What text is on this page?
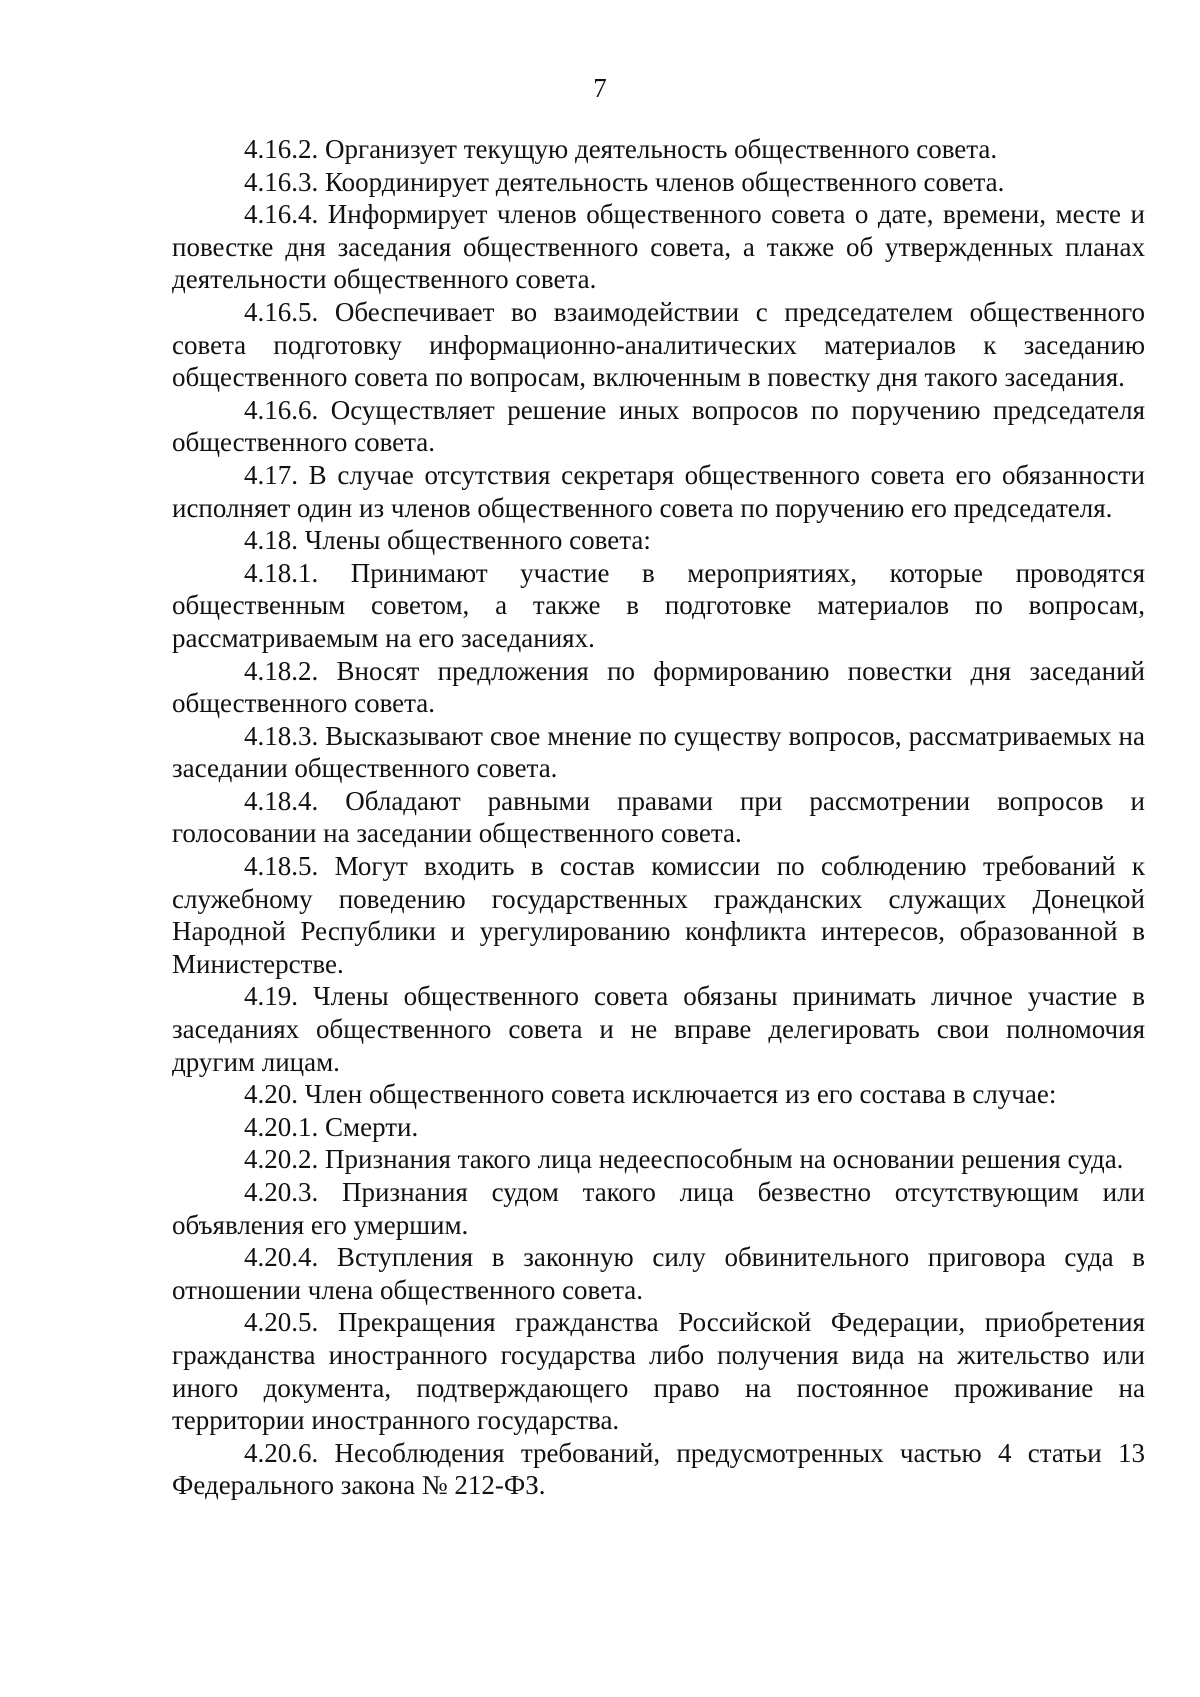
7

4.16.2. Организует текущую деятельность общественного совета.

4.16.3. Координирует деятельность членов общественного совета.

4.16.4. Информирует членов общественного совета о дате, времени, месте и повестке дня заседания общественного совета, а также об утвержденных планах деятельности общественного совета.

4.16.5. Обеспечивает во взаимодействии с председателем общественного совета подготовку информационно-аналитических материалов к заседанию общественного совета по вопросам, включенным в повестку дня такого заседания.

4.16.6. Осуществляет решение иных вопросов по поручению председателя общественного совета.

4.17. В случае отсутствия секретаря общественного совета его обязанности исполняет один из членов общественного совета по поручению его председателя.

4.18. Члены общественного совета:

4.18.1. Принимают участие в мероприятиях, которые проводятся общественным советом, а также в подготовке материалов по вопросам, рассматриваемым на его заседаниях.

4.18.2. Вносят предложения по формированию повестки дня заседаний общественного совета.

4.18.3. Высказывают свое мнение по существу вопросов, рассматриваемых на заседании общественного совета.

4.18.4. Обладают равными правами при рассмотрении вопросов и голосовании на заседании общественного совета.

4.18.5. Могут входить в состав комиссии по соблюдению требований к служебному поведению государственных гражданских служащих Донецкой Народной Республики и урегулированию конфликта интересов, образованной в Министерстве.

4.19. Члены общественного совета обязаны принимать личное участие в заседаниях общественного совета и не вправе делегировать свои полномочия другим лицам.

4.20. Член общественного совета исключается из его состава в случае:

4.20.1. Смерти.

4.20.2. Признания такого лица недееспособным на основании решения суда.

4.20.3. Признания судом такого лица безвестно отсутствующим или объявления его умершим.

4.20.4. Вступления в законную силу обвинительного приговора суда в отношении члена общественного совета.

4.20.5. Прекращения гражданства Российской Федерации, приобретения гражданства иностранного государства либо получения вида на жительство или иного документа, подтверждающего право на постоянное проживание на территории иностранного государства.

4.20.6. Несоблюдения требований, предусмотренных частью 4 статьи 13 Федерального закона № 212-ФЗ.
